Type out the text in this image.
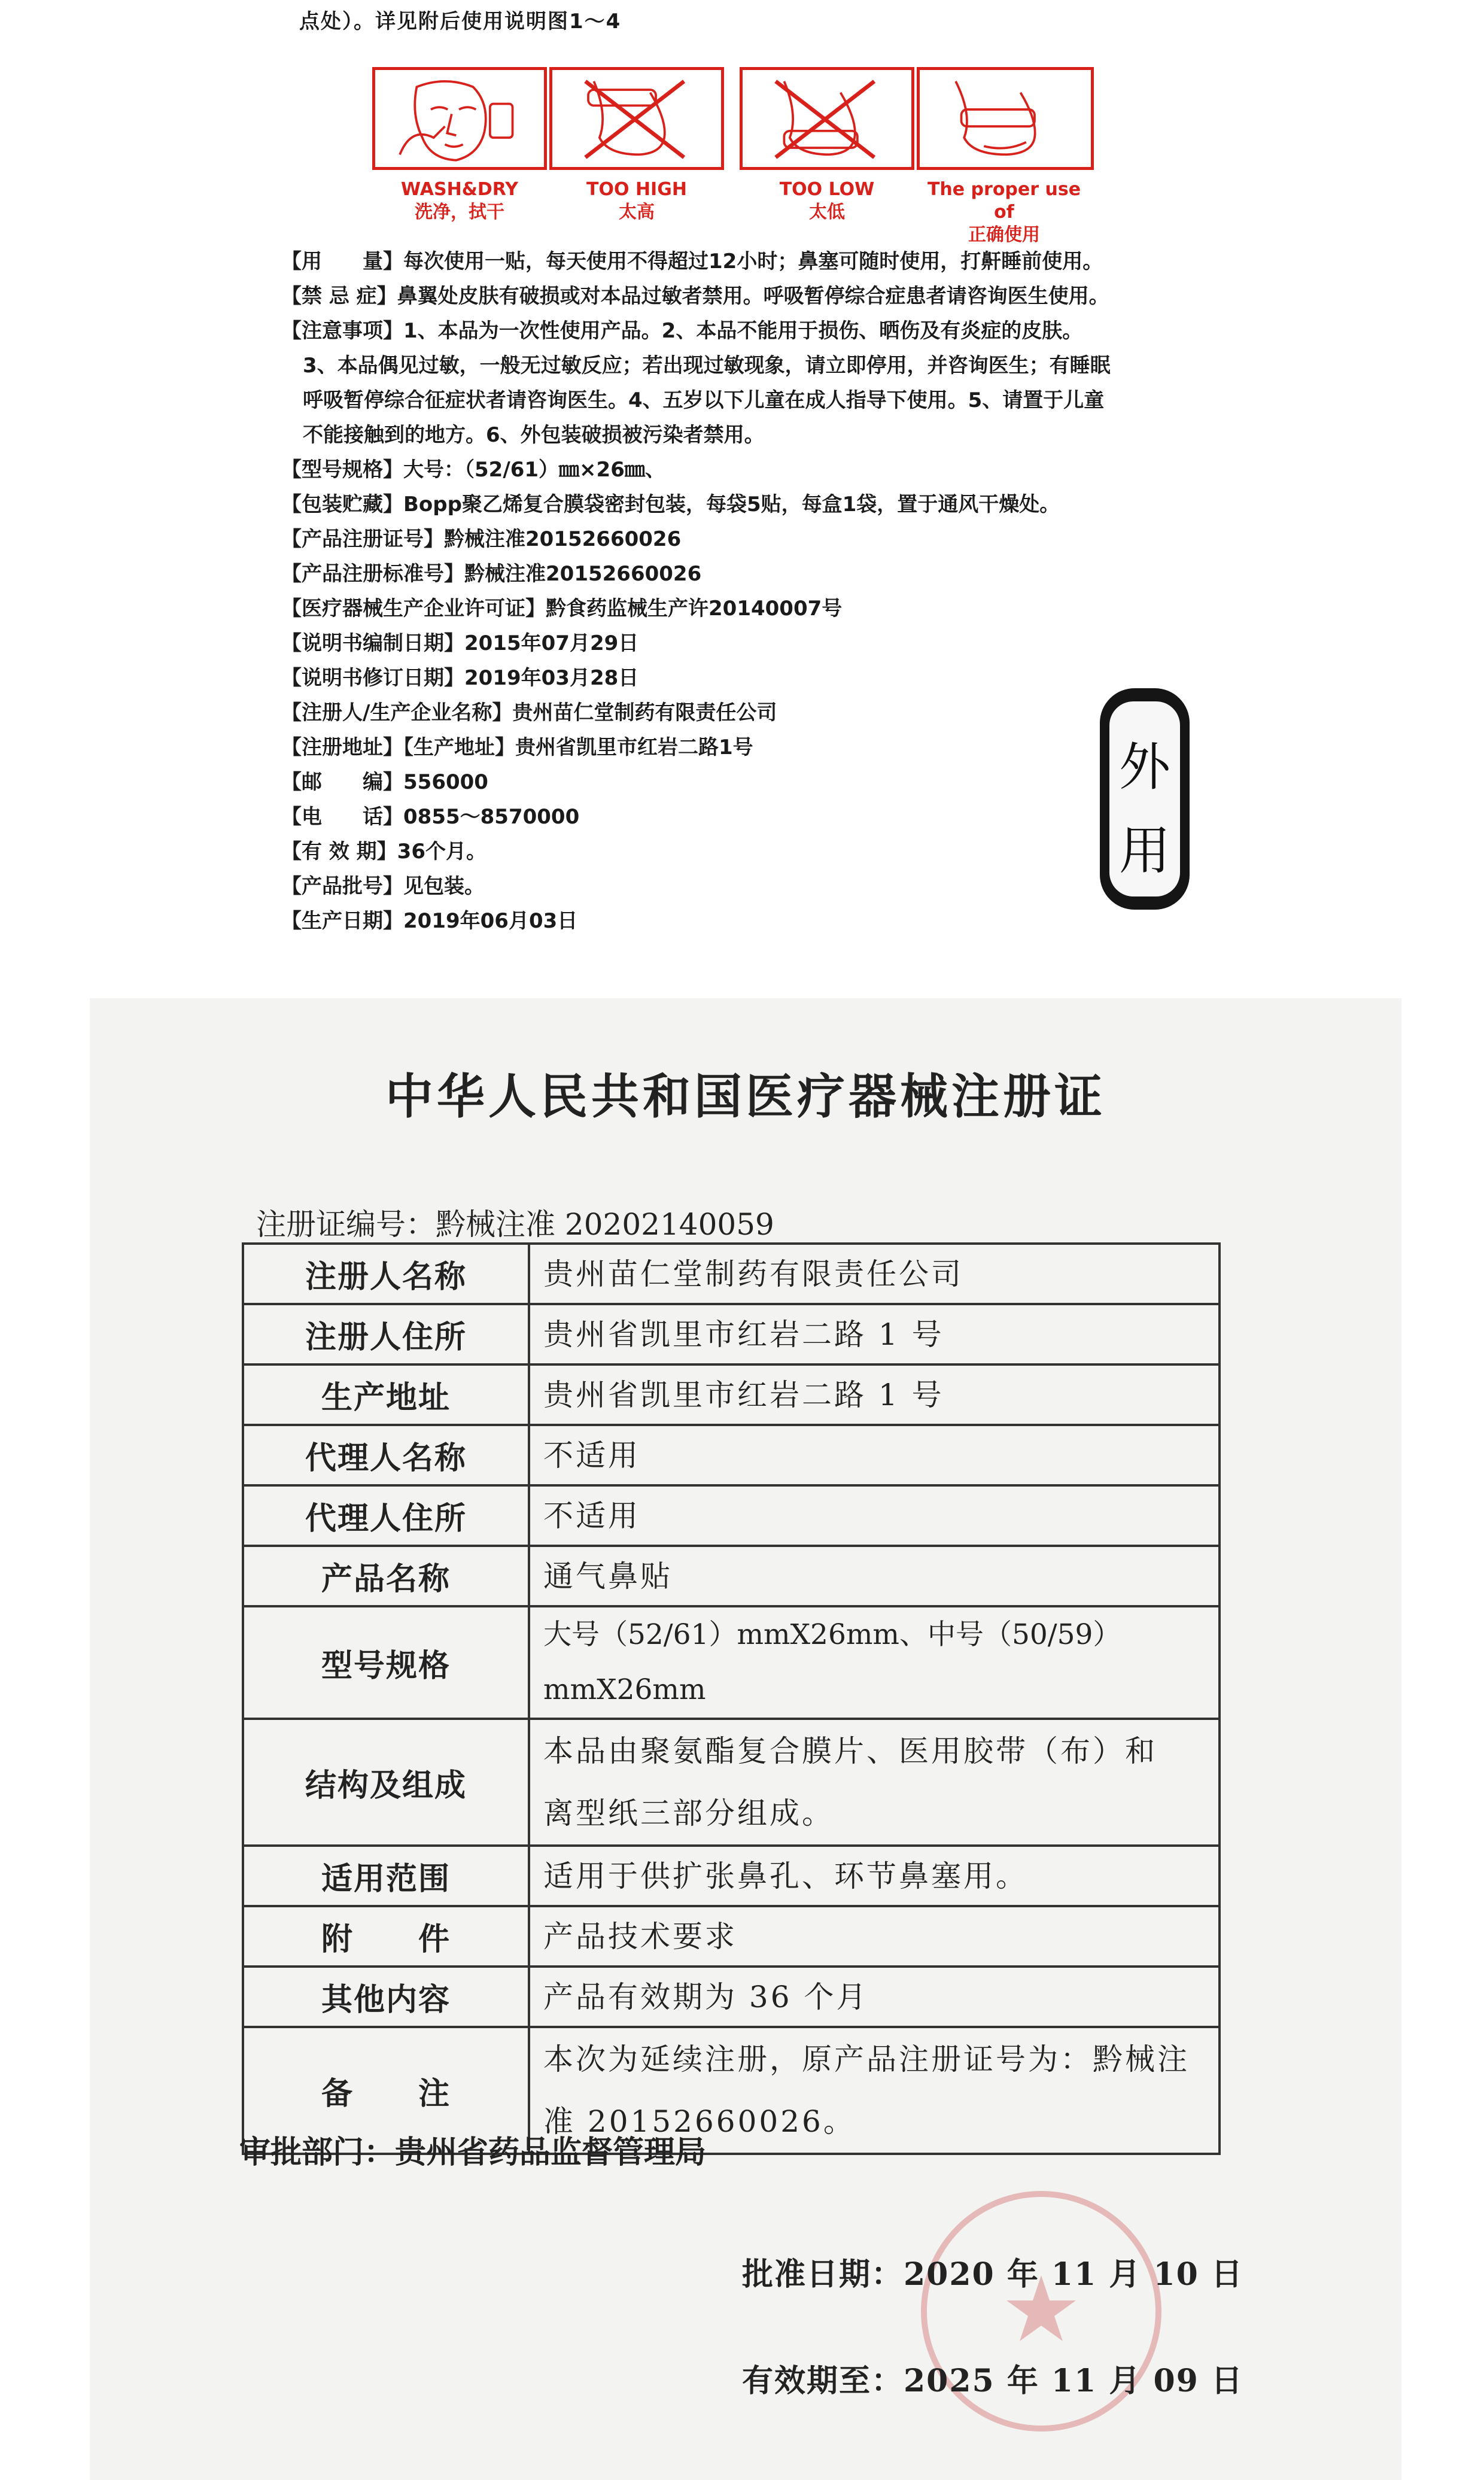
点处）。详见附后使用说明图1～4
WASH&DRY
洗净，拭干
TOO HIGH
太高
TOO LOW
太低
The proper use of
正确使用
【用　　量】每次使用一贴，每天使用不得超过12小时；鼻塞可随时使用，打鼾睡前使用。
【禁 忌 症】鼻翼处皮肤有破损或对本品过敏者禁用。呼吸暂停综合症患者请咨询医生使用。
【注意事项】1、本品为一次性使用产品。2、本品不能用于损伤、晒伤及有炎症的皮肤。
3、本品偶见过敏，一般无过敏反应；若出现过敏现象，请立即停用，并咨询医生；有睡眠
呼吸暂停综合征症状者请咨询医生。4、五岁以下儿童在成人指导下使用。5、请置于儿童
不能接触到的地方。6、外包装破损被污染者禁用。
【型号规格】大号：（52/61）㎜×26㎜、
【包装贮藏】Bopp聚乙烯复合膜袋密封包装，每袋5贴，每盒1袋，置于通风干燥处。
【产品注册证号】黔械注准20152660026
【产品注册标准号】黔械注准20152660026
【医疗器械生产企业许可证】黔食药监械生产许20140007号
【说明书编制日期】2015年07月29日
【说明书修订日期】2019年03月28日
【注册人/生产企业名称】贵州苗仁堂制药有限责任公司
【注册地址】【生产地址】贵州省凯里市红岩二路1号
【邮　　编】556000
【电　　话】0855～8570000
【有 效 期】36个月。
【产品批号】见包装。
【生产日期】2019年06月03日
外
用
中华人民共和国医疗器械注册证
注册证编号：黔械注准 20202140059
注册人名称	贵州苗仁堂制药有限责任公司
注册人住所	贵州省凯里市红岩二路 1 号
生产地址	贵州省凯里市红岩二路 1 号
代理人名称	不适用
代理人住所	不适用
产品名称	通气鼻贴
型号规格	大号（52/61）mmX26mm、中号（50/59）mmX26mm
结构及组成	本品由聚氨酯复合膜片、医用胶带（布）和
离型纸三部分组成。

适用范围	适用于供扩张鼻孔、环节鼻塞用。
附　　件	产品技术要求
其他内容	产品有效期为 36 个月
备　　注	本次为延续注册，原产品注册证号为：黔械注
准 20152660026。
审批部门：贵州省药品监督管理局
批准日期：2020 年 11 月 10 日
有效期至：2025 年 11 月 09 日
